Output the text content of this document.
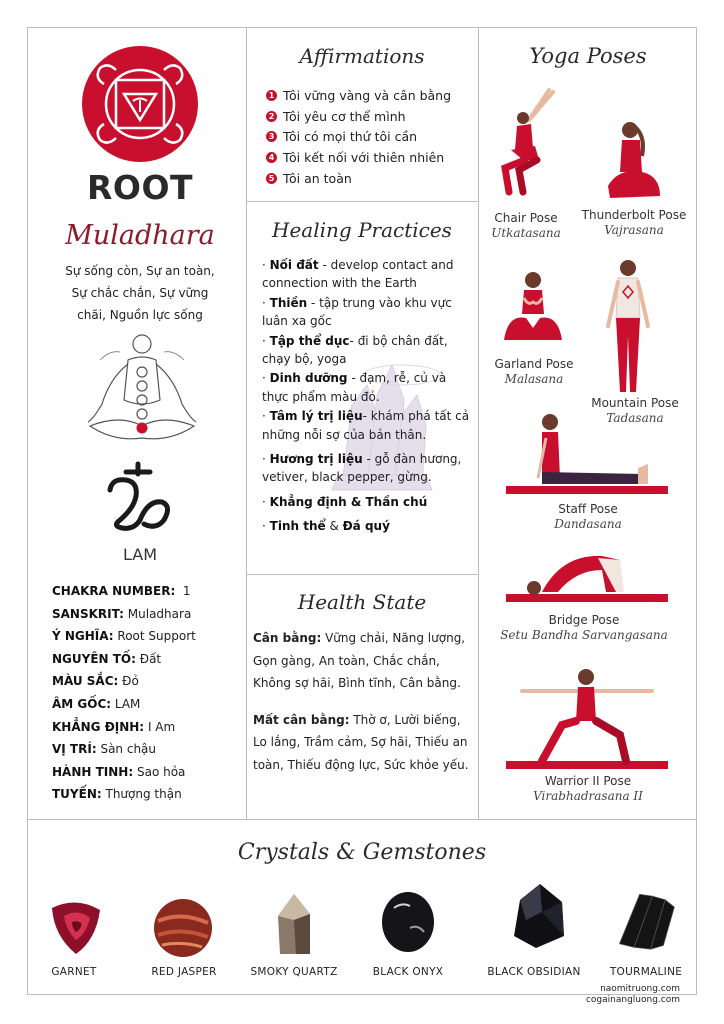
ROOT
Muladhara
Sự sống còn, Sự an toàn,
Sự chắc chắn, Sự vững
chãi, Nguồn lực sống
LAM
CHAKRA NUMBER: 1
SANSKRIT: Muladhara
Ý NGHĨA: Root Support
NGUYÊN TỐ: Đất
MÀU SẮC: Đỏ
ÂM GỐC: LAM
KHẲNG ĐỊNH: I Am
VỊ TRÍ: Sàn chậu
HÀNH TINH: Sao hỏa
TUYẾN: Thượng thận
Affirmations
1 Tôi vững vàng và cân bằng
2 Tôi yêu cơ thể mình
3 Tôi có mọi thứ tôi cần
4 Tôi kết nối với thiên nhiên
5 Tôi an toàn
Healing Practices
· Nối đất - develop contact and connection with the Earth
· Thiền - tập trung vào khu vực luân xa gốc
· Tập thể dục- đi bộ chân đất, chạy bộ, yoga
· Dinh dưỡng - đạm, rễ, củ và thực phẩm màu đỏ.
· Tâm lý trị liệu- khám phá tất cả những nỗi sợ của bản thân.
· Hương trị liệu - gỗ đàn hương, vetiver, black pepper, gừng.
· Khẳng định & Thần chú
· Tinh thể & Đá quý
Health State
Cân bằng: Vững chải, Năng lượng, Gọn gàng, An toàn, Chắc chắn, Không sợ hãi, Bình tĩnh, Cân bằng.
Mất cân bằng: Thờ ơ, Lười biếng, Lo lắng, Trầm cảm, Sợ hãi, Thiếu an toàn, Thiếu động lực, Sức khỏe yếu.
Yoga Poses
Chair Pose
Utkatasana
Thunderbolt Pose
Vajrasana
Garland Pose
Malasana
Mountain Pose
Tadasana
Staff Pose
Dandasana
Bridge Pose
Setu Bandha Sarvangasana
Warrior II Pose
Virabhadrasana II
Crystals & Gemstones
GARNET	RED JASPER	SMOKY QUARTZ	BLACK ONYX	BLACK OBSIDIAN	TOURMALINE
naomitruong.com
cogainangluong.com
